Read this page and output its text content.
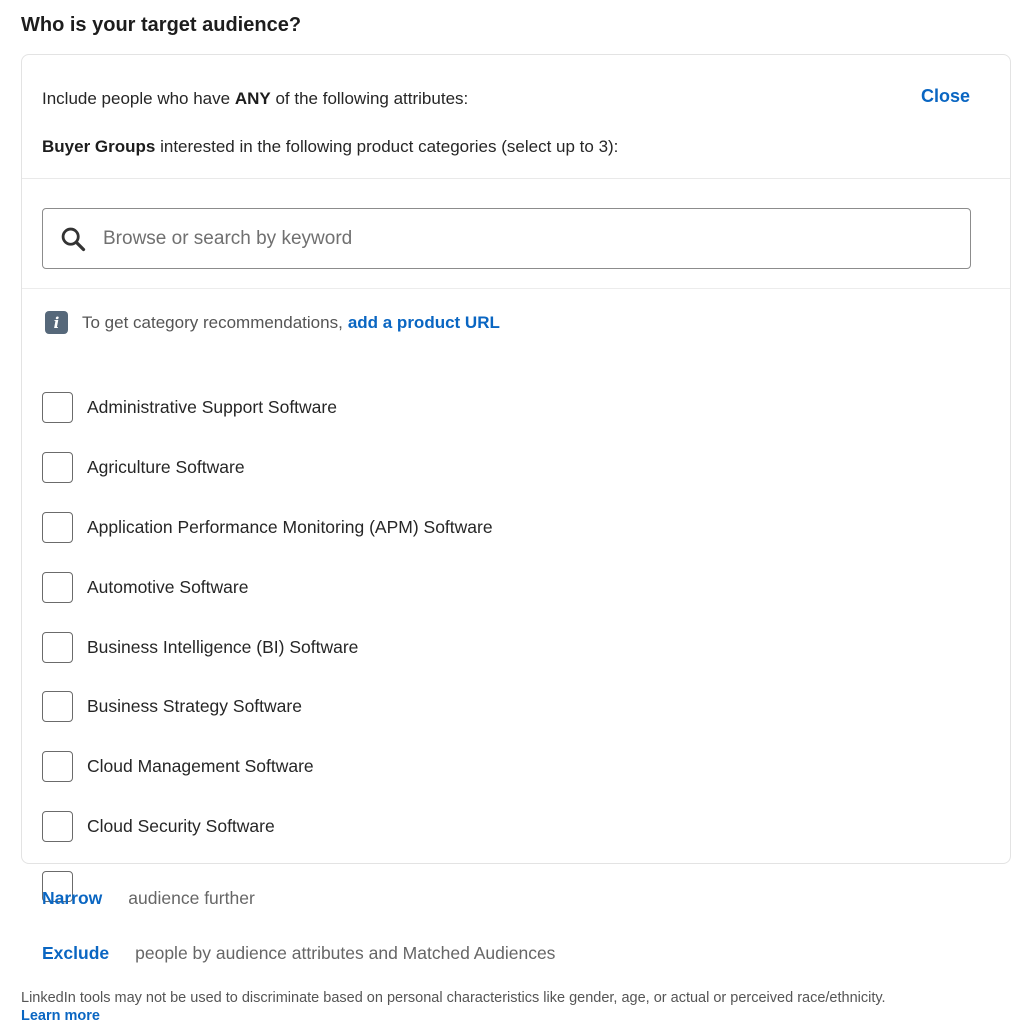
Who is your target audience?
Include people who have ANY of the following attributes:	Close
Buyer Groups interested in the following product categories (select up to 3):
Browse or search by keyword
i	To get category recommendations, add a product URL
Administrative Support Software
Agriculture Software
Application Performance Monitoring (APM) Software
Automotive Software
Business Intelligence (BI) Software
Business Strategy Software
Cloud Management Software
Cloud Security Software
Narrow audience further
Exclude people by audience attributes and Matched Audiences
LinkedIn tools may not be used to discriminate based on personal characteristics like gender, age, or actual or perceived race/ethnicity.
Learn more
